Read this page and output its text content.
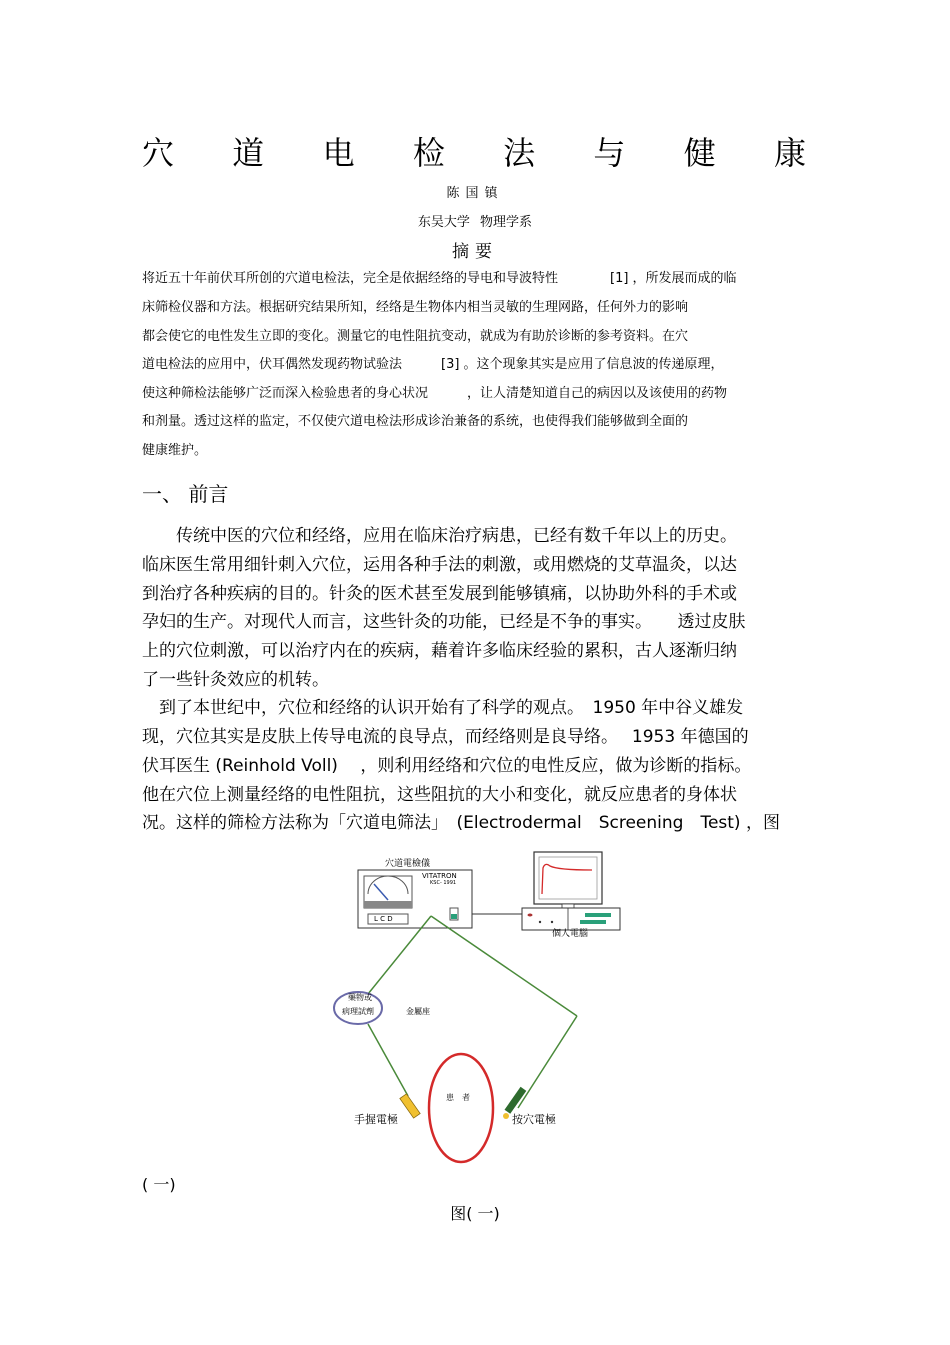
穴 道 电 检 法 与 健 康
陈国镇
东吴大学 物理学系
摘要
将近五十年前伏耳所创的穴道电检法，完全是依据经络的导电和导波特性　　　　[1] ，所发展而成的临
床筛检仪器和方法。根据研究结果所知，经络是生物体内相当灵敏的生理网路，任何外力的影响
都会使它的电性发生立即的变化。测量它的电性阻抗变动，就成为有助於诊断的参考资料。在穴
道电检法的应用中，伏耳偶然发现药物试验法　　　[3] 。这个现象其实是应用了信息波的传递原理，
使这种筛检法能够广泛而深入检验患者的身心状况　　　，让人清楚知道自己的病因以及该使用的药物
和剂量。透过这样的监定，不仅使穴道电检法形成诊治兼备的系统，也使得我们能够做到全面的
健康维护。
一、 前言
　　传统中医的穴位和经络，应用在临床治疗病患，已经有数千年以上的历史。
临床医生常用细针刺入穴位，运用各种手法的刺激，或用燃烧的艾草温灸，以达
到治疗各种疾病的目的。针灸的医术甚至发展到能够镇痛，以协助外科的手术或
孕妇的生产。对现代人而言，这些针灸的功能，已经是不争的事实。　　透过皮肤
上的穴位刺激，可以治疗内在的疾病，藉着许多临床经验的累积，古人逐渐归纳
了一些针灸效应的机转。
　到了本世纪中，穴位和经络的认识开始有了科学的观点。　1950 年中谷义雄发
现，穴位其实是皮肤上传导电流的良导点，而经络则是良导络。　 1953 年德国的
伏耳医生 (Reinhold Voll)　 ，则利用经络和穴位的电性反应，做为诊断的指标。
他在穴位上测量经络的电性阻抗，这些阻抗的大小和变化，就反应患者的身体状
况。这样的筛检方法称为「穴道电筛法」　(Electrodermal　Screening　Test) ，图
穴道電檢儀
VITATRON
KSC- 1991
L C D
個人電腦
藥物或
病理試劑	金屬座
患　者
手握電極	按穴電極
( 一)
图( 一)
